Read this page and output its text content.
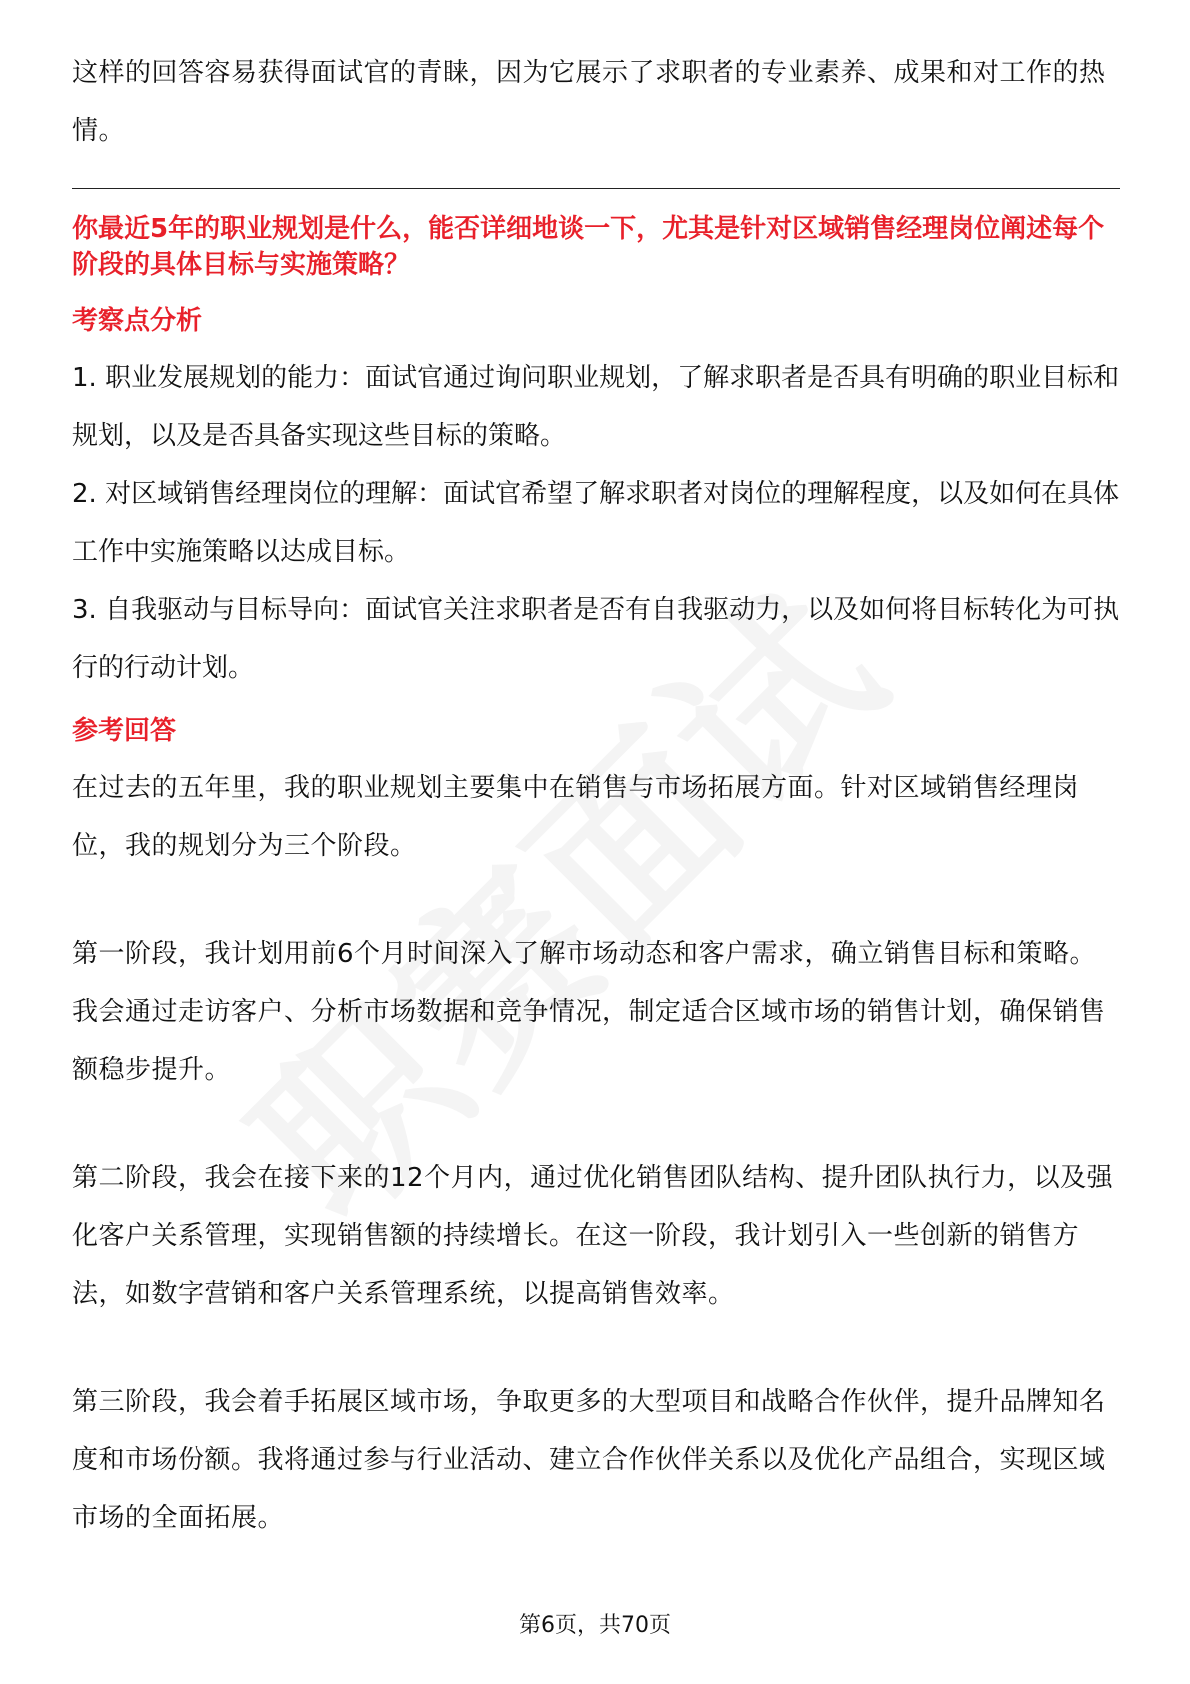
这样的回答容易获得面试官的青睐，因为它展示了求职者的专业素养、成果和对工作的热情。

你最近5年的职业规划是什么，能否详细地谈一下，尤其是针对区域销售经理岗位阐述每个阶段的具体目标与实施策略？

考察点分析

1. 职业发展规划的能力：面试官通过询问职业规划，了解求职者是否具有明确的职业目标和规划，以及是否具备实现这些目标的策略。

2. 对区域销售经理岗位的理解：面试官希望了解求职者对岗位的理解程度，以及如何在具体工作中实施策略以达成目标。

3. 自我驱动与目标导向：面试官关注求职者是否有自我驱动力，以及如何将目标转化为可执行的行动计划。

参考回答

在过去的五年里，我的职业规划主要集中在销售与市场拓展方面。针对区域销售经理岗位，我的规划分为三个阶段。

第一阶段，我计划用前6个月时间深入了解市场动态和客户需求，确立销售目标和策略。我会通过走访客户、分析市场数据和竞争情况，制定适合区域市场的销售计划，确保销售额稳步提升。

第二阶段，我会在接下来的12个月内，通过优化销售团队结构、提升团队执行力，以及强化客户关系管理，实现销售额的持续增长。在这一阶段，我计划引入一些创新的销售方法，如数字营销和客户关系管理系统，以提高销售效率。

第三阶段，我会着手拓展区域市场，争取更多的大型项目和战略合作伙伴，提升品牌知名度和市场份额。我将通过参与行业活动、建立合作伙伴关系以及优化产品组合，实现区域市场的全面拓展。

第6页，共70页
